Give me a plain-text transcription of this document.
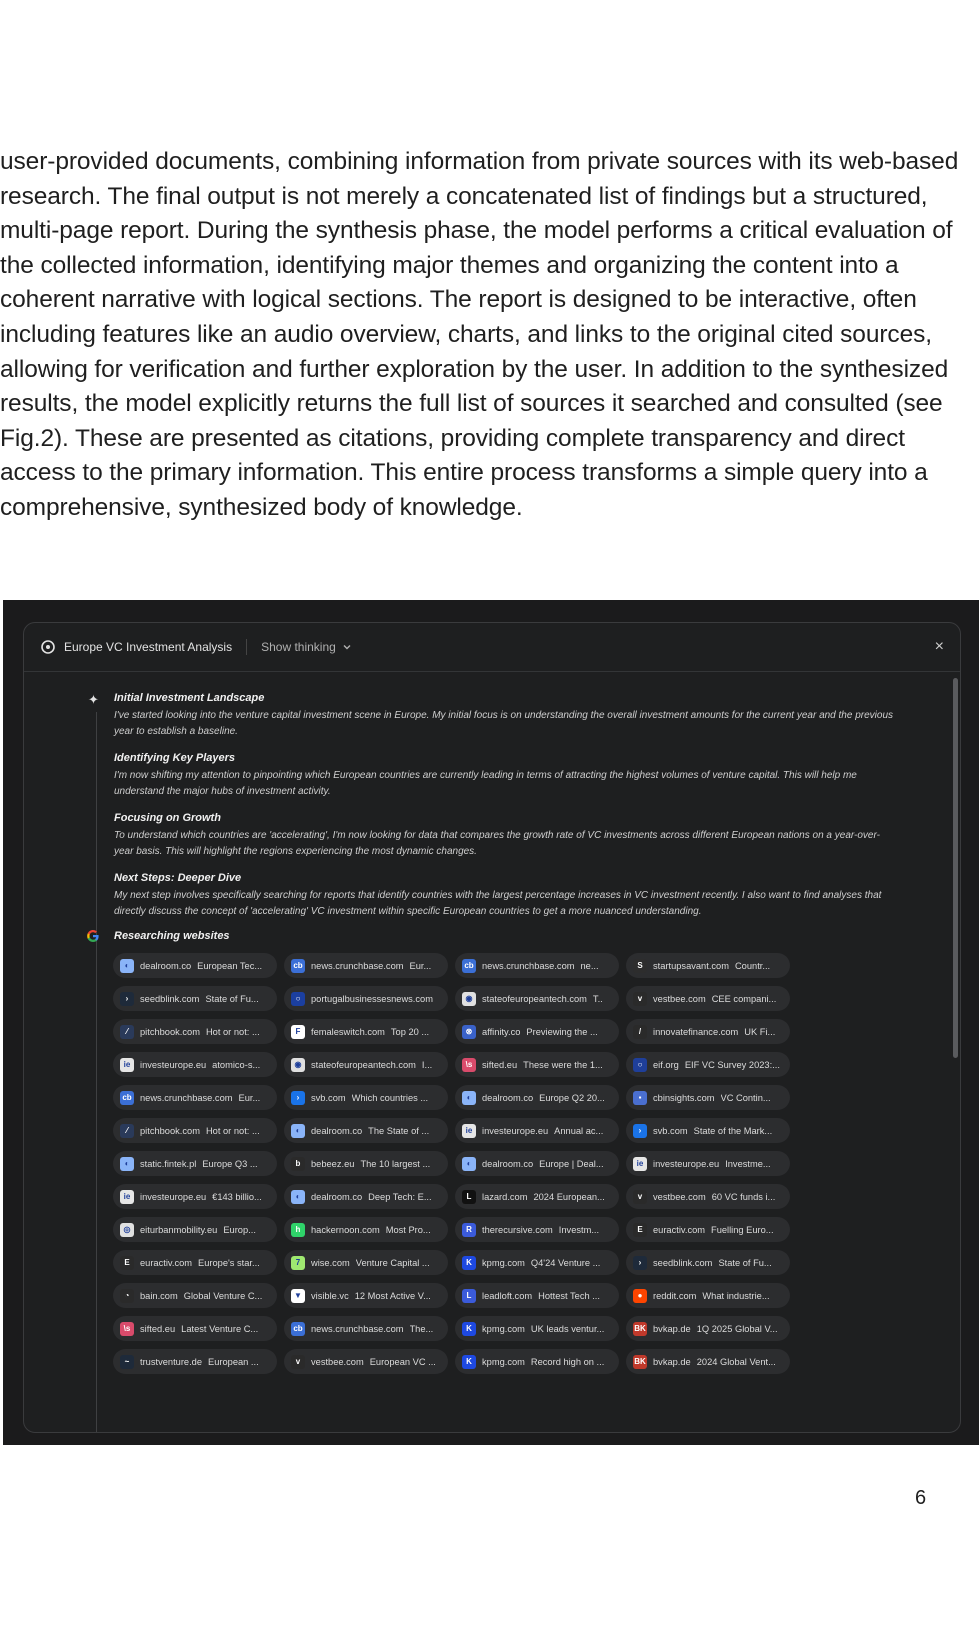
user-provided documents, combining information from private sources with its web-based research. The final output is not merely a concatenated list of findings but a structured, multi-page report. During the synthesis phase, the model performs a critical evaluation of the collected information, identifying major themes and organizing the content into a coherent narrative with logical sections. The report is designed to be interactive, often including features like an audio overview, charts, and links to the original cited sources, allowing for verification and further exploration by the user. In addition to the synthesized results, the model explicitly returns the full list of sources it searched and consulted (see Fig.2). These are presented as citations, providing complete transparency and direct access to the primary information. This entire process transforms a simple query into a comprehensive, synthesized body of knowledge.

Europe VC Investment Analysis Show thinking	×
✦ Initial Investment Landscape

I've started looking into the venture capital investment scene in Europe. My initial focus is on understanding the overall investment amounts for the current year and the previous year to establish a baseline.

Identifying Key Players

I'm now shifting my attention to pinpointing which European countries are currently leading in terms of attracting the highest volumes of venture capital. This will help me understand the major hubs of investment activity.

Focusing on Growth

To understand which countries are 'accelerating', I'm now looking for data that compares the growth rate of VC investments across different European nations on a year-over-year basis. This will highlight the regions experiencing the most dynamic changes.

Next Steps: Deeper Dive

My next step involves specifically searching for reports that identify countries with the largest percentage increases in VC investment recently. I also want to find analyses that directly discuss the concept of 'accelerating' VC investment within specific European countries to get a more nuanced understanding.

Researching websites
◐	dealroom.co European Tec...	cb news.crunchbase.com Eur...	cb news.crunchbase.com ne...	S	startupsavant.com Countr...
›	seedblink.com State of Fu...	○	portugalbusinessesnews.com	◉	stateofeuropeantech.com T..	v	vestbee.com CEE compani...
⁄	pitchbook.com Hot or not: ...	F	femaleswitch.com Top 20 ...	⊗	affinity.co Previewing the ...	/	innovatefinance.com UK Fi...
ie	investeurope.eu atomico-s...	◉	stateofeuropeantech.com I...	\s	sifted.eu These were the 1...	○	eif.org EIF VC Survey 2023:...
cb news.crunchbase.com Eur...	›	svb.com Which countries ...	◐	dealroom.co Europe Q2 20...	▪	cbinsights.com VC Contin...
⁄	pitchbook.com Hot or not: ...	◐	dealroom.co The State of ...	ie	investeurope.eu Annual ac...	›	svb.com State of the Mark...
◐	static.fintek.pl Europe Q3 ...	b	bebeez.eu The 10 largest ...	◐	dealroom.co Europe | Deal...	ie	investeurope.eu Investme...
ie	investeurope.eu €143 billio...	◐	dealroom.co Deep Tech: E...	L	lazard.com 2024 European...	v	vestbee.com 60 VC funds i...
◎	eiturbanmobility.eu Europ...	h	hackernoon.com Most Pro...	R	therecursive.com Investm...	E	euractiv.com Fuelling Euro...
E	euractiv.com Europe's star...	7	wise.com Venture Capital ...	K	kpmg.com Q4'24 Venture ...	›	seedblink.com State of Fu...
◔	bain.com Global Venture C...	▼ visible.vc 12 Most Active V...	L	leadloft.com Hottest Tech ...	●	reddit.com What industrie...
\s	sifted.eu Latest Venture C...	cb news.crunchbase.com The...	K	kpmg.com UK leads ventur...	BK bvkap.de 1Q 2025 Global V...
~	trustventure.de European ...	v	vestbee.com European VC ...	K	kpmg.com Record high on ...	BK bvkap.de 2024 Global Vent...
6
